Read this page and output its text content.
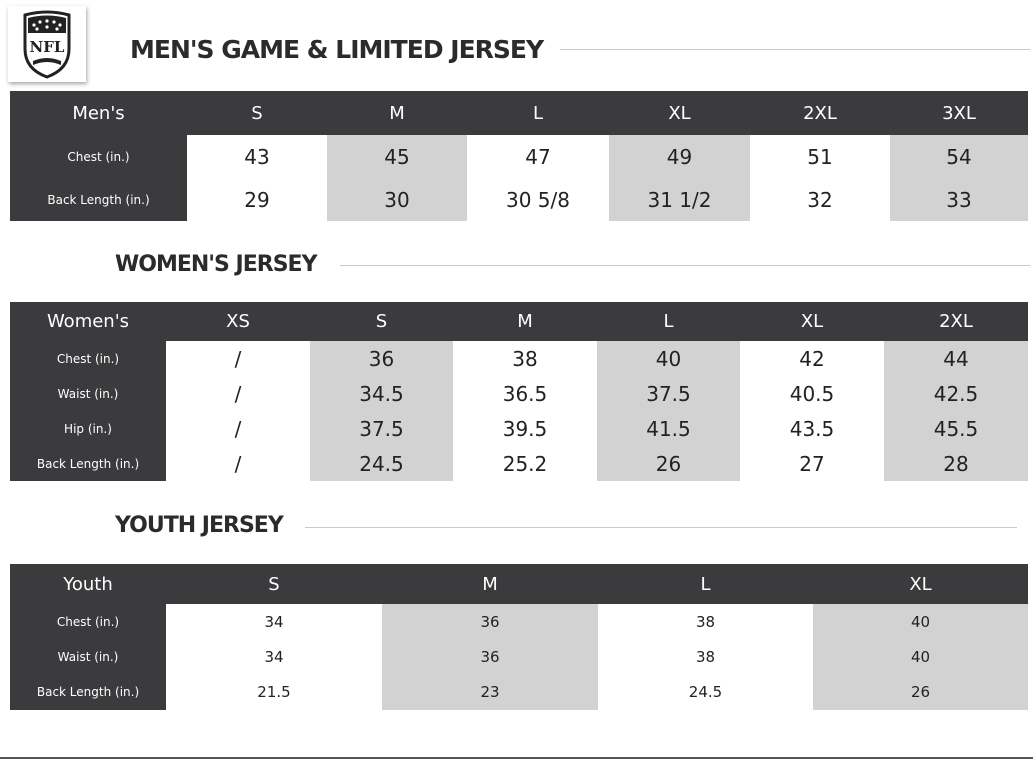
NFL	MEN'S GAME & LIMITED JERSEY
Men's	S	M	L	XL	2XL	3XL
Chest (in.)	43	45	47	49	51	54
Back Length (in.)	29	30	30 5/8	31 1/2	32	33
WOMEN'S JERSEY
Women's	XS	S	M	L	XL	2XL
Chest (in.)	/	36	38	40	42	44
Waist (in.)	/	34.5	36.5	37.5	40.5	42.5
Hip (in.)	/	37.5	39.5	41.5	43.5	45.5
Back Length (in.)	/	24.5	25.2	26	27	28
YOUTH JERSEY
Youth	S	M	L	XL
Chest (in.)	34	36	38	40
Waist (in.)	34	36	38	40
Back Length (in.)	21.5	23	24.5	26
